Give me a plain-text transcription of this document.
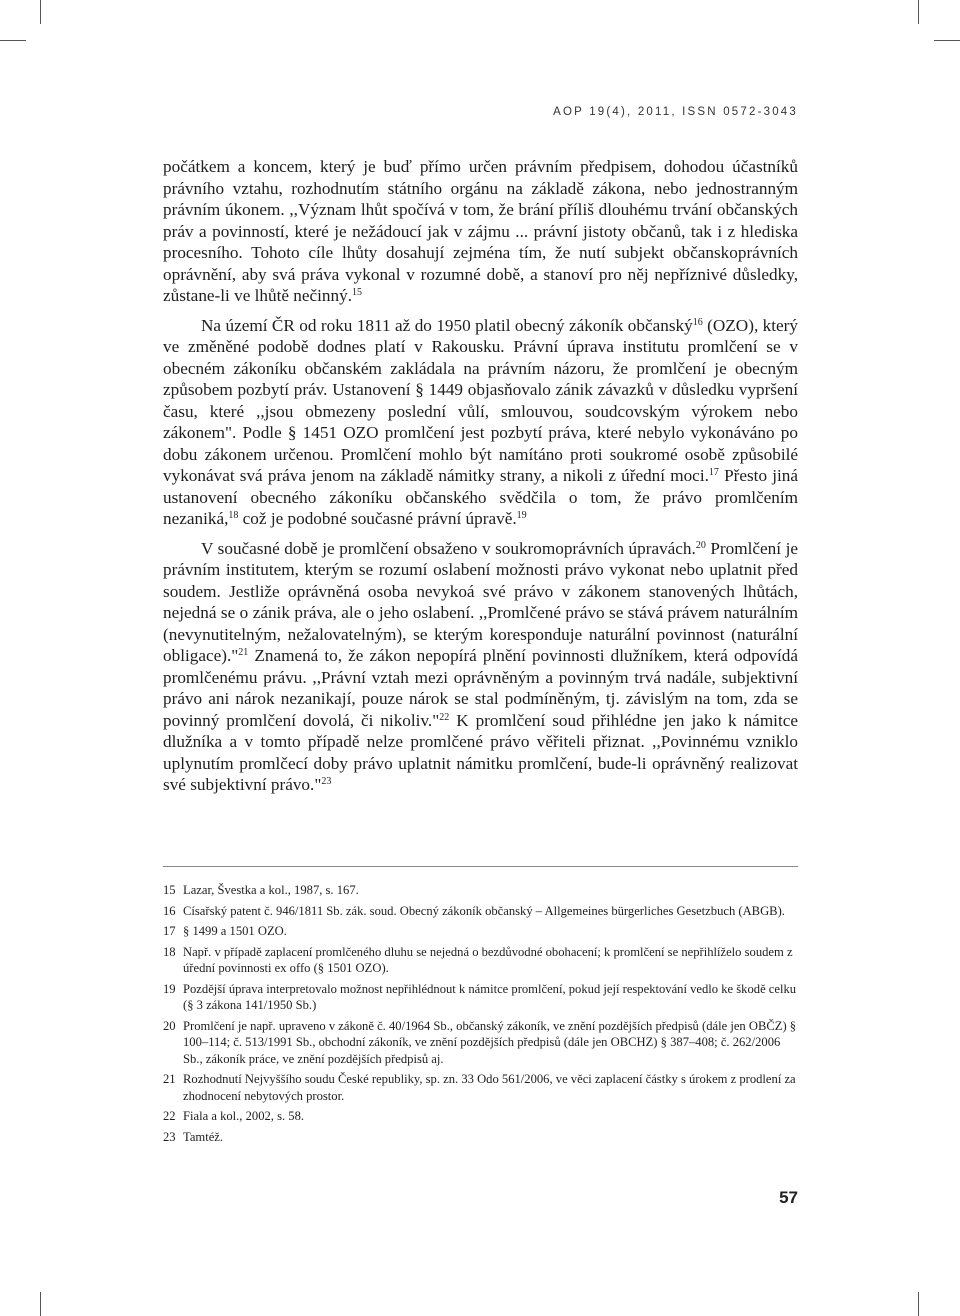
AOP 19(4), 2011, ISSN 0572-3043

počátkem a koncem, který je buď přímo určen právním předpisem, dohodou účastníků právního vztahu, rozhodnutím státního orgánu na základě zákona, nebo jednostranným právním úkonem. ,,Význam lhůt spočívá v tom, že brání příliš dlouhému trvání občanských práv a povinností, které je nežádoucí jak v zájmu ... právní jistoty občanů, tak i z hlediska procesního. Tohoto cíle lhůty dosahují zejména tím, že nutí subjekt občanskoprávních oprávnění, aby svá práva vykonal v rozumné době, a stanoví pro něj nepříznivé důsledky, zůstane-li ve lhůtě nečinný.$^{15}$

Na území ČR od roku 1811 až do 1950 platil obecný zákoník občanský$^{16}$ (OZO), který ve změněné podobě dodnes platí v Rakousku. Právní úprava institutu promlčení se v obecném zákoníku občanském zakládala na právním názoru, že promlčení je obecným způsobem pozbytí práv. Ustanovení § 1449 objasňovalo zánik závazků v důsledku vypršení času, které ,,jsou obmezeny poslední vůlí, smlouvou, soudcovským výrokem nebo zákonem". Podle § 1451 OZO promlčení jest pozbytí práva, které nebylo vykonáváno po dobu zákonem určenou. Promlčení mohlo být namítáno proti soukromé osobě způsobilé vykonávat svá práva jenom na základě námitky strany, a nikoli z úřední moci.$^{17}$ Přesto jiná ustanovení obecného zákoníku občanského svědčila o tom, že právo promlčením nezaniká,$^{18}$ což je podobné současné právní úpravě.$^{19}$

V současné době je promlčení obsaženo v soukromoprávních úpravách.$^{20}$ Promlčení je právním institutem, kterým se rozumí oslabení možnosti právo vykonat nebo uplatnit před soudem. Jestliže oprávněná osoba nevykoá své právo v zákonem stanovených lhůtách, nejedná se o zánik práva, ale o jeho oslabení. ,,Promlčené právo se stává právem naturálním (nevynutitelným, nežalovatelným), se kterým koresponduje naturální povinnost (naturální obligace)."$^{21}$ Znamená to, že zákon nepopírá plnění povinnosti dlužníkem, která odpovídá promlčenému právu. ,,Právní vztah mezi oprávněným a povinným trvá nadále, subjektivní právo ani nárok nezanikají, pouze nárok se stal podmíněným, tj. závislým na tom, zda se povinný promlčení dovolá, či nikoliv."$^{22}$ K promlčení soud přihlédne jen jako k námitce dlužníka a v tomto případě nelze promlčené právo věřiteli přiznat. ,,Povinnému vzniklo uplynutím promlčecí doby právo uplatnit námitku promlčení, bude-li oprávněný realizovat své subjektivní právo."$^{23}$

15 Lazar, Švestka a kol., 1987, s. 167.
16 Císařský patent č. 946/1811 Sb. zák. soud. Obecný zákoník občanský – Allgemeines bürgerliches Gesetzbuch (ABGB).
17 § 1499 a 1501 OZO.
18 Např. v případě zaplacení promlčeného dluhu se nejedná o bezdůvodné obohacení; k promlčení se nepřihlíželo soudem z úřední povinnosti ex offo (§ 1501 OZO).
19 Pozdější úprava interpretovalo možnost nepřihlédnout k námitce promlčení, pokud její respektování vedlo ke škodě celku (§ 3 zákona 141/1950 Sb.)
20 Promlčení je např. upraveno v zákoně č. 40/1964 Sb., občanský zákoník, ve znění pozdějších předpisů (dále jen OBČZ) § 100–114; č. 513/1991 Sb., obchodní zákoník, ve znění pozdějších předpisů (dále jen OBCHZ) § 387–408; č. 262/2006 Sb., zákoník práce, ve znění pozdějších předpisů aj.
21 Rozhodnutí Nejvyššího soudu České republiky, sp. zn. 33 Odo 561/2006, ve věci zaplacení částky s úrokem z prodlení za zhodnocení nebytových prostor.
22 Fiala a kol., 2002, s. 58.
23 Tamtéž.
57
